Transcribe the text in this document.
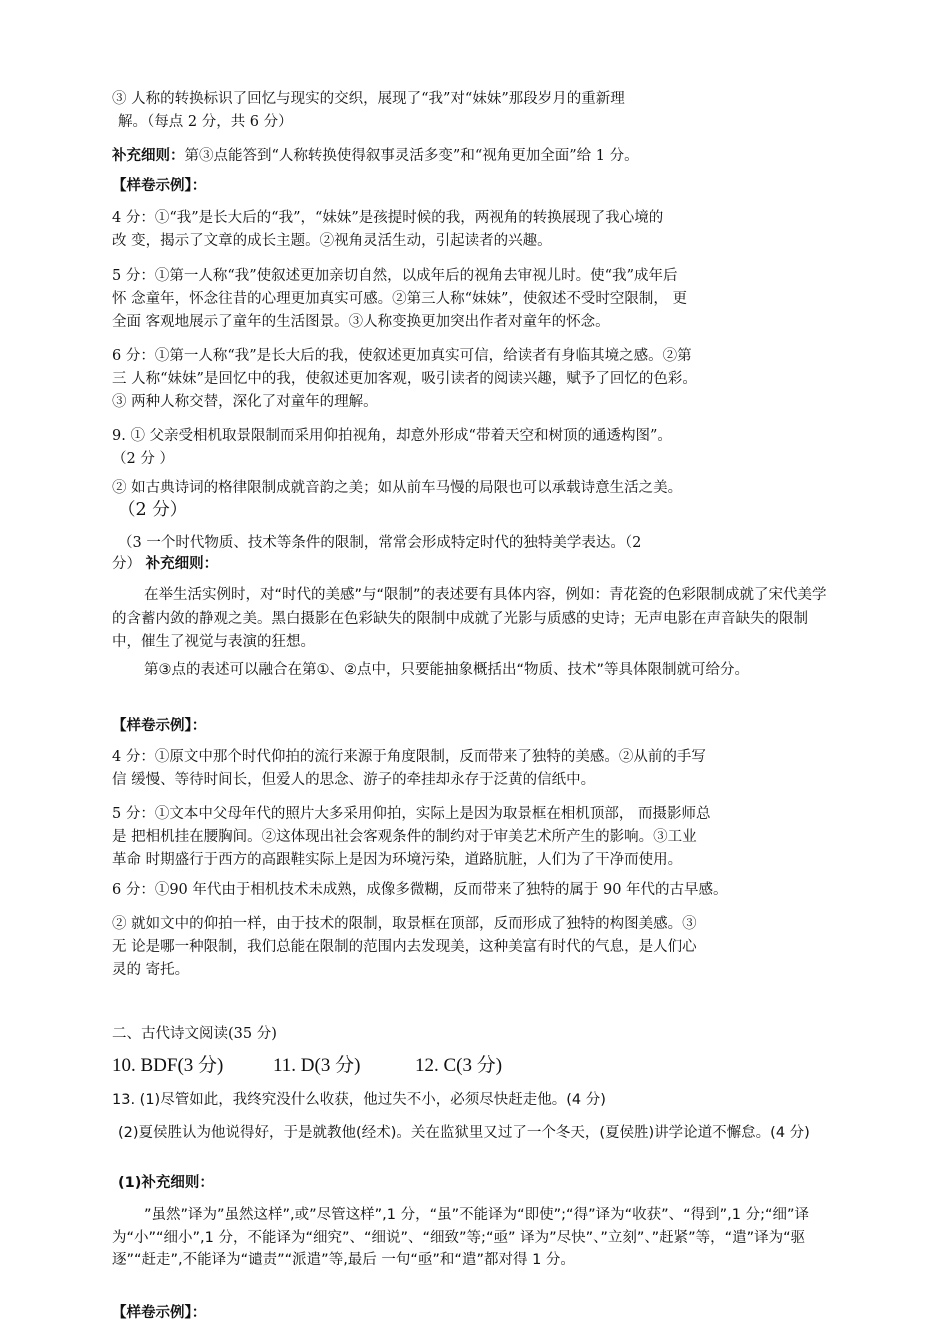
③ 人称的转换标识了回忆与现实的交织，展现了“我”对“妹妹”那段岁月的重新理

解。（每点 2 分，共 6 分）

补充细则：第③点能答到“人称转换使得叙事灵活多变”和“视角更加全面”给 1 分。

【样卷示例】：

4 分：①“我”是长大后的“我”，“妹妹”是孩提时候的我，两视角的转换展现了我心境的

改 变，揭示了文章的成长主题。②视角灵活生动，引起读者的兴趣。

5 分：①第一人称“我”使叙述更加亲切自然，以成年后的视角去审视儿时。使“我”成年后

怀 念童年，怀念往昔的心理更加真实可感。②第三人称“妹妹”，使叙述不受时空限制， 更

全面 客观地展示了童年的生活图景。③人称变换更加突出作者对童年的怀念。

6 分：①第一人称“我”是长大后的我，使叙述更加真实可信，给读者有身临其境之感。②第

三 人称“妹妹”是回忆中的我，使叙述更加客观，吸引读者的阅读兴趣，赋予了回忆的色彩。

③ 两种人称交替，深化了对童年的理解。

9. ① 父亲受相机取景限制而采用仰拍视角，却意外形成“带着天空和树顶的通透构图”。

（2 分 ）

② 如古典诗词的格律限制成就音韵之美；如从前车马慢的局限也可以承载诗意生活之美。

（2 分）

（3 一个时代物质、技术等条件的限制，常常会形成特定时代的独特美学表达。（2

分） 补充细则：

在举生活实例时，对“时代的美感”与“限制”的表述要有具体内容，例如：青花瓷的色彩限制成就了宋代美学的含蓄内敛的静观之美。黑白摄影在色彩缺失的限制中成就了光影与质感的史诗；无声电影在声音缺失的限制中，催生了视觉与表演的狂想。

第③点的表述可以融合在第①、②点中，只要能抽象概括出“物质、技术”等具体限制就可给分。

【样卷示例】：

4 分：①原文中那个时代仰拍的流行来源于角度限制，反而带来了独特的美感。②从前的手写

信 缓慢、等待时间长，但爱人的思念、游子的牵挂却永存于泛黄的信纸中。

5 分：①文本中父母年代的照片大多采用仰拍，实际上是因为取景框在相机顶部， 而摄影师总

是 把相机挂在腰胸间。②这体现出社会客观条件的制约对于审美艺术所产生的影响。③工业

革命 时期盛行于西方的高跟鞋实际上是因为环境污染，道路肮脏，人们为了干净而使用。

6 分：①90 年代由于相机技术未成熟，成像多微糊，反而带来了独特的属于 90 年代的古早感。

② 就如文中的仰拍一样，由于技术的限制，取景框在顶部，反而形成了独特的构图美感。③

无 论是哪一种限制，我们总能在限制的范围内去发现美，这种美富有时代的气息，是人们心

灵的 寄托。

二、古代诗文阅读(35 分)

10. BDF(3 分)	11. D(3 分)	12. C(3 分)

13. (1)尽管如此，我终究没什么收获，他过失不小，必须尽快赶走他。(4 分)

(2)夏侯胜认为他说得好，于是就教他(经术)。关在监狱里又过了一个冬天，(夏侯胜)讲学论道不懈怠。(4 分)

(1)补充细则：

”虽然”译为”虽然这样”,或”尽管这样”,1 分，“虽”不能译为“即使”;“得”译为“收获”、“得到”,1 分;“细”译为“小”“细小”,1 分，不能译为“细究”、“细说”、“细致”等;“亟” 译为”尽快”、”立刻”、”赶紧”等，“遣”译为“驱逐”“赶走”,不能译为“谴责”“派遣”等,最后 一句“亟”和“遣”都对得 1 分。

【样卷示例】：
